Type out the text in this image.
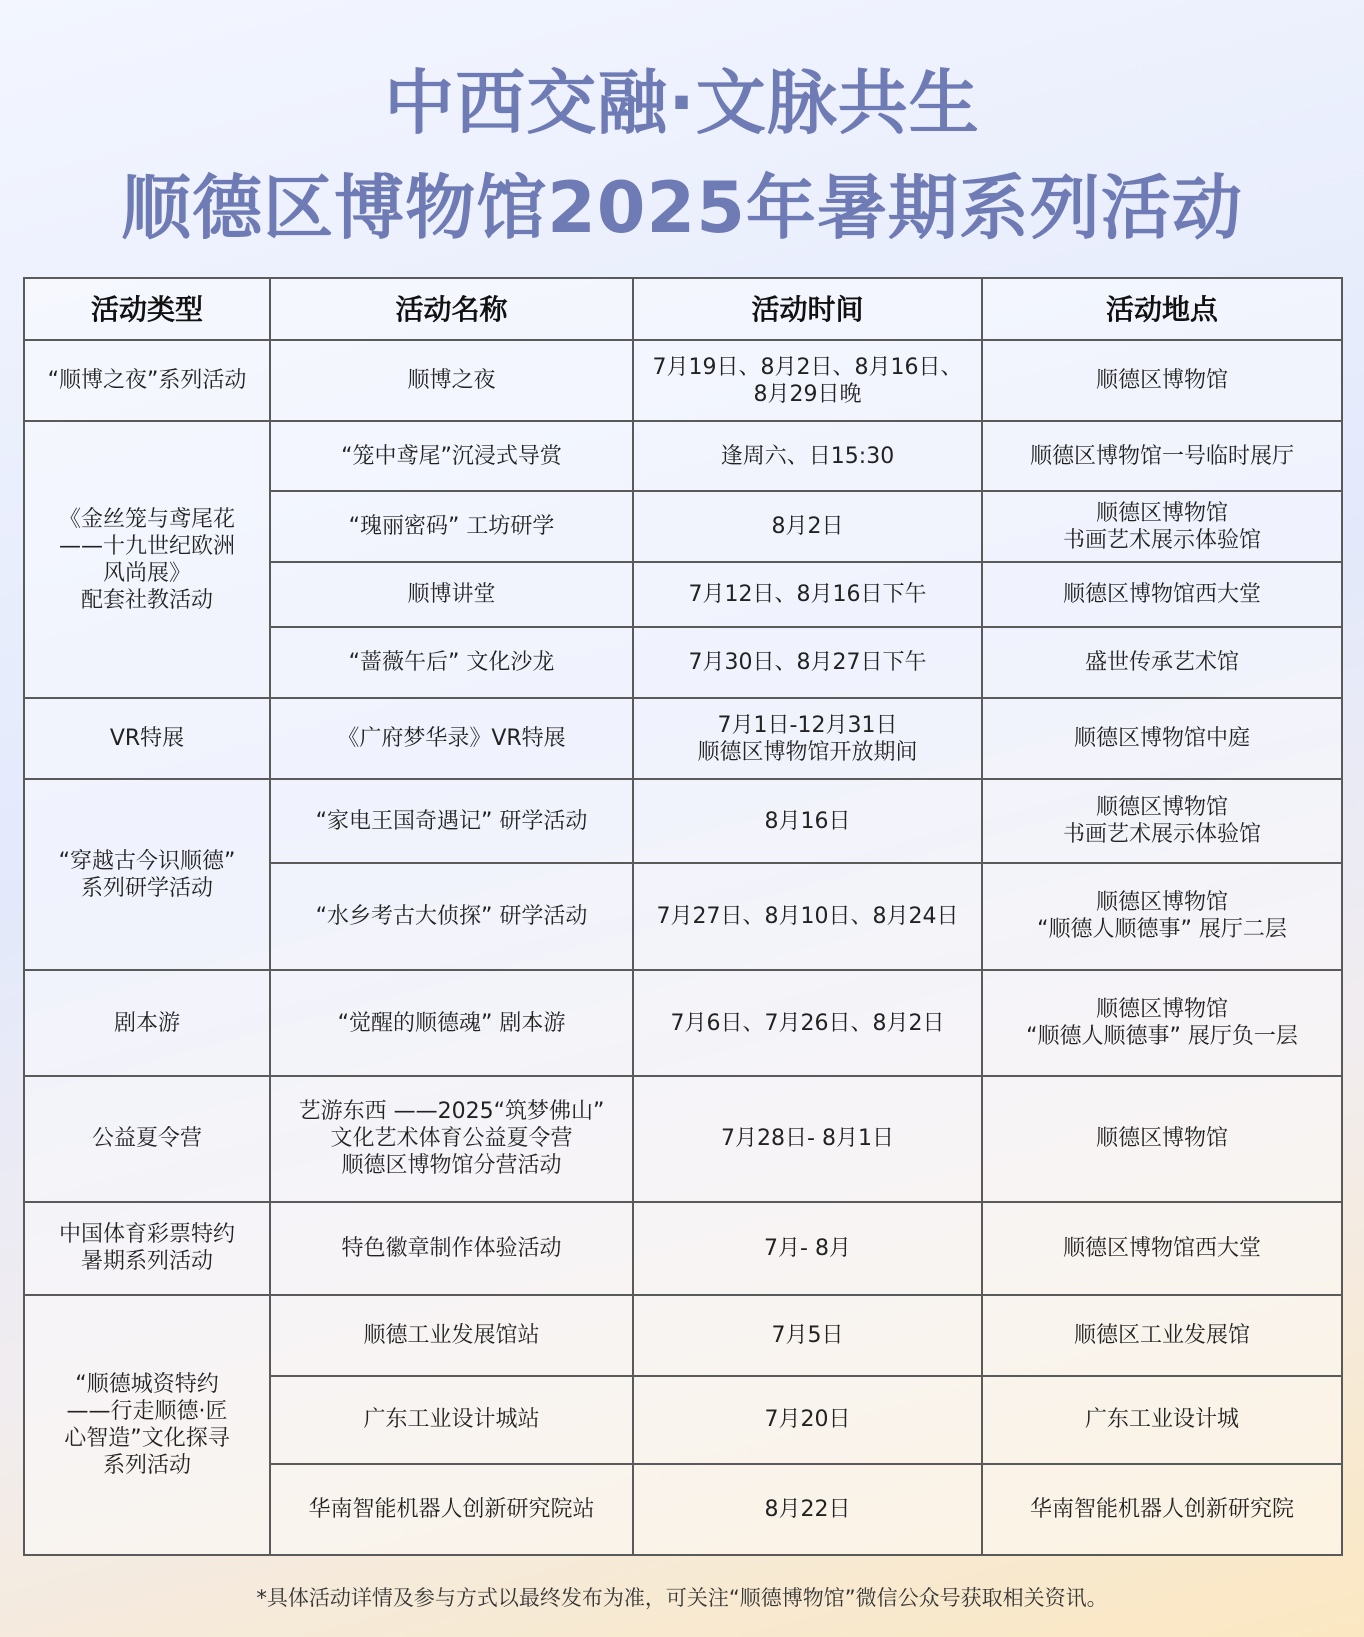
中西交融·文脉共生
顺德区博物馆2025年暑期系列活动
活动类型	活动名称	活动时间	活动地点
“顺博之夜”系列活动	顺博之夜	7月19日、8月2日、8月16日、
8月29日晚	顺德区博物馆
《金丝笼与鸢尾花
——十九世纪欧洲
风尚展》
配套社教活动	“笼中鸢尾”沉浸式导赏	逢周六、日15:30	顺德区博物馆一号临时展厅
	“瑰丽密码” 工坊研学	8月2日	顺德区博物馆
书画艺术展示体验馆
	顺博讲堂	7月12日、8月16日下午	顺德区博物馆西大堂
	“蔷薇午后” 文化沙龙	7月30日、8月27日下午	盛世传承艺术馆
VR特展	《广府梦华录》VR特展	7月1日-12月31日
顺德区博物馆开放期间	顺德区博物馆中庭
“穿越古今识顺德”
系列研学活动	“家电王国奇遇记” 研学活动	8月16日	顺德区博物馆
书画艺术展示体验馆
	“水乡考古大侦探” 研学活动	7月27日、8月10日、8月24日	顺德区博物馆
“顺德人顺德事” 展厅二层
剧本游	“觉醒的顺德魂” 剧本游	7月6日、7月26日、8月2日	顺德区博物馆
“顺德人顺德事” 展厅负一层
公益夏令营	艺游东西 ——2025“筑梦佛山”
文化艺术体育公益夏令营
顺德区博物馆分营活动	7月28日- 8月1日	顺德区博物馆
中国体育彩票特约
暑期系列活动	特色徽章制作体验活动	7月- 8月	顺德区博物馆西大堂
“顺德城资特约
——行走顺德·匠
心智造”文化探寻
系列活动	顺德工业发展馆站	7月5日	顺德区工业发展馆
	广东工业设计城站	7月20日	广东工业设计城
	华南智能机器人创新研究院站	8月22日	华南智能机器人创新研究院
*具体活动详情及参与方式以最终发布为准，可关注“顺德博物馆”微信公众号获取相关资讯。
